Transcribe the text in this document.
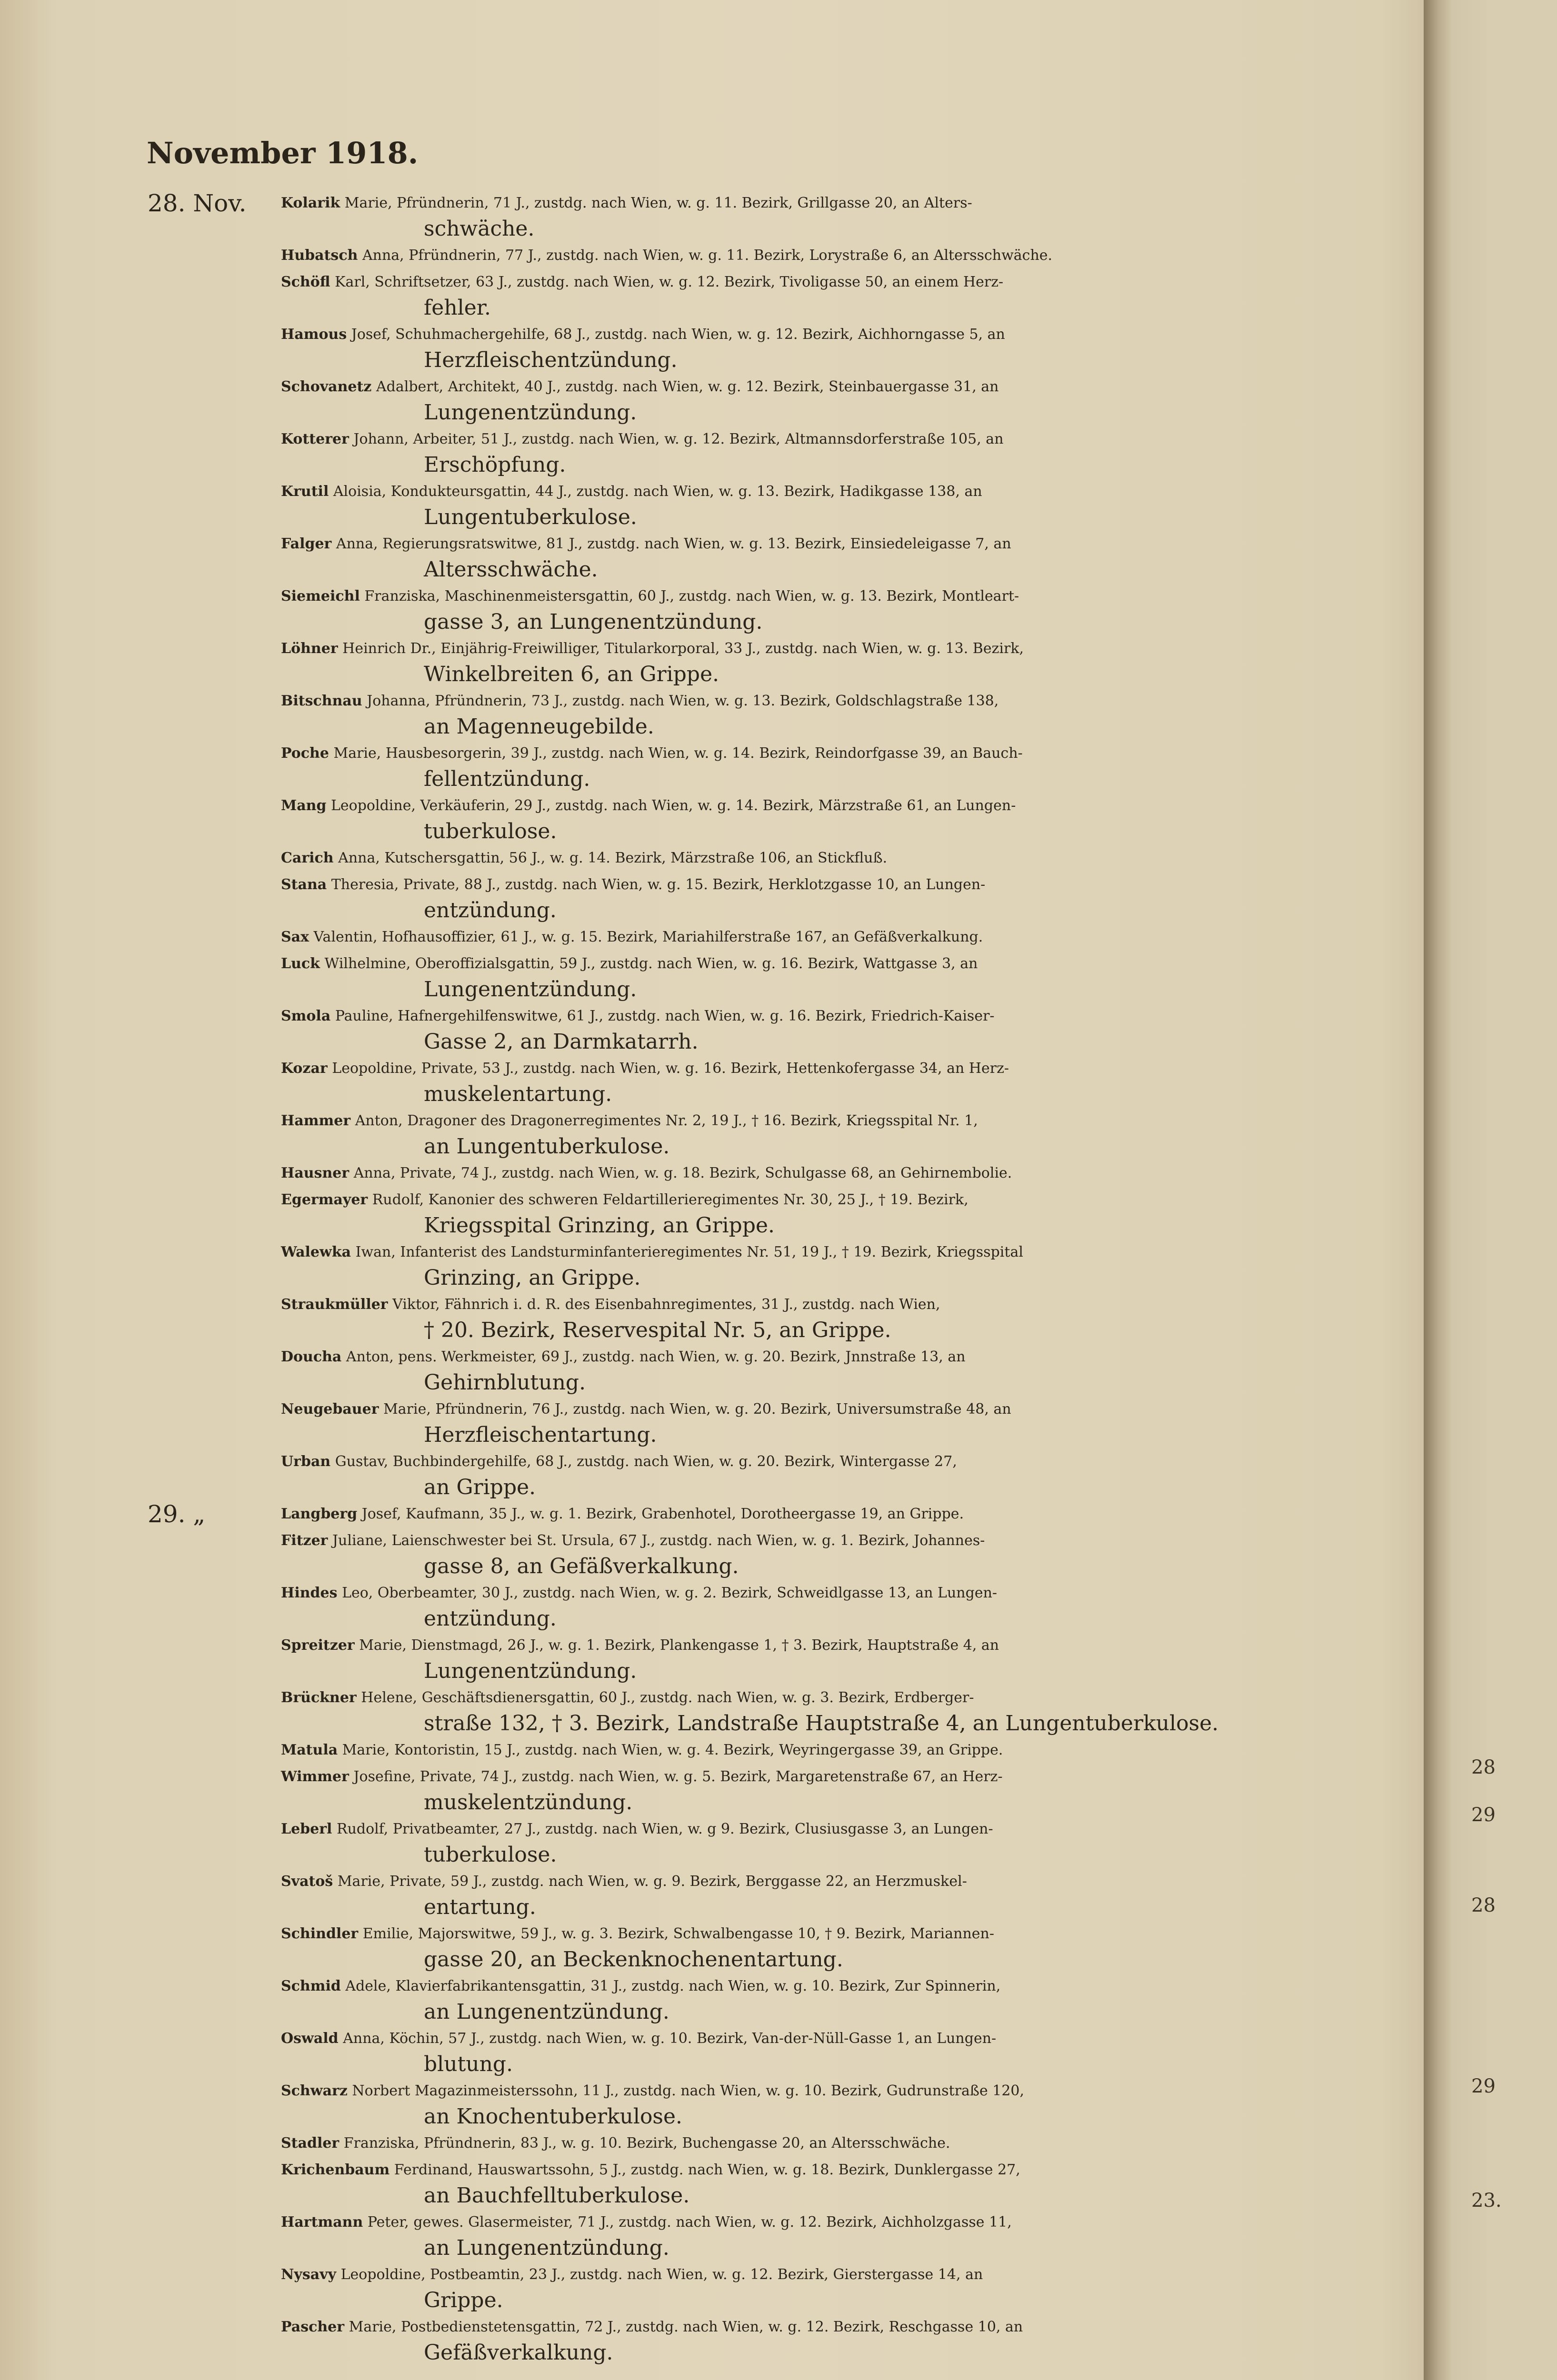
November 1918.
28. Nov. Kolarik Marie, Pfründnerin, 71 J., zustdg. nach Wien, w. g. 11. Bezirk, Grillgasse 20, an Alters-
schwäche.
Hubatsch Anna, Pfründnerin, 77 J., zustdg. nach Wien, w. g. 11. Bezirk, Lorystraße 6, an Altersschwäche.
Schöfl Karl, Schriftsetzer, 63 J., zustdg. nach Wien, w. g. 12. Bezirk, Tivoligasse 50, an einem Herz-
fehler.
Hamous Josef, Schuhmachergehilfe, 68 J., zustdg. nach Wien, w. g. 12. Bezirk, Aichhorngasse 5, an
Herzfleischentzündung.
Schovanetz Adalbert, Architekt, 40 J., zustdg. nach Wien, w. g. 12. Bezirk, Steinbauergasse 31, an
Lungenentzündung.
Kotterer Johann, Arbeiter, 51 J., zustdg. nach Wien, w. g. 12. Bezirk, Altmannsdorferstraße 105, an
Erschöpfung.
Krutil Aloisia, Kondukteursgattin, 44 J., zustdg. nach Wien, w. g. 13. Bezirk, Hadikgasse 138, an
Lungentuberkulose.
Falger Anna, Regierungsratswitwe, 81 J., zustdg. nach Wien, w. g. 13. Bezirk, Einsiedeleigasse 7, an
Altersschwäche.
Siemeichl Franziska, Maschinenmeistersgattin, 60 J., zustdg. nach Wien, w. g. 13. Bezirk, Montleart-
gasse 3, an Lungenentzündung.
Löhner Heinrich Dr., Einjährig-Freiwilliger, Titularkorporal, 33 J., zustdg. nach Wien, w. g. 13. Bezirk,
Winkelbreiten 6, an Grippe.
Bitschnau Johanna, Pfründnerin, 73 J., zustdg. nach Wien, w. g. 13. Bezirk, Goldschlagstraße 138,
an Magenneugebilde.
Poche Marie, Hausbesorgerin, 39 J., zustdg. nach Wien, w. g. 14. Bezirk, Reindorfgasse 39, an Bauch-
fellentzündung.
Mang Leopoldine, Verkäuferin, 29 J., zustdg. nach Wien, w. g. 14. Bezirk, Märzstraße 61, an Lungen-
tuberkulose.
Carich Anna, Kutschersgattin, 56 J., w. g. 14. Bezirk, Märzstraße 106, an Stickfluß.
Stana Theresia, Private, 88 J., zustdg. nach Wien, w. g. 15. Bezirk, Herklotzgasse 10, an Lungen-
entzündung.
Sax Valentin, Hofhausoffizier, 61 J., w. g. 15. Bezirk, Mariahilferstraße 167, an Gefäßverkalkung.
Luck Wilhelmine, Oberoffizialsgattin, 59 J., zustdg. nach Wien, w. g. 16. Bezirk, Wattgasse 3, an
Lungenentzündung.
Smola Pauline, Hafnergehilfenswitwe, 61 J., zustdg. nach Wien, w. g. 16. Bezirk, Friedrich-Kaiser-
Gasse 2, an Darmkatarrh.
Kozar Leopoldine, Private, 53 J., zustdg. nach Wien, w. g. 16. Bezirk, Hettenkofergasse 34, an Herz-
muskelentartung.
Hammer Anton, Dragoner des Dragonerregimentes Nr. 2, 19 J., † 16. Bezirk, Kriegsspital Nr. 1,
an Lungentuberkulose.
Hausner Anna, Private, 74 J., zustdg. nach Wien, w. g. 18. Bezirk, Schulgasse 68, an Gehirnembolie.
Egermayer Rudolf, Kanonier des schweren Feldartillerieregimentes Nr. 30, 25 J., † 19. Bezirk,
Kriegsspital Grinzing, an Grippe.
Walewka Iwan, Infanterist des Landsturminfanterieregimentes Nr. 51, 19 J., † 19. Bezirk, Kriegsspital
Grinzing, an Grippe.
Straukmüller Viktor, Fähnrich i. d. R. des Eisenbahnregimentes, 31 J., zustdg. nach Wien,
† 20. Bezirk, Reservespital Nr. 5, an Grippe.
Doucha Anton, pens. Werkmeister, 69 J., zustdg. nach Wien, w. g. 20. Bezirk, Jnnstraße 13, an
Gehirnblutung.
Neugebauer Marie, Pfründnerin, 76 J., zustdg. nach Wien, w. g. 20. Bezirk, Universumstraße 48, an
Herzfleischentartung.
Urban Gustav, Buchbindergehilfe, 68 J., zustdg. nach Wien, w. g. 20. Bezirk, Wintergasse 27,
an Grippe.
29. „	Langberg Josef, Kaufmann, 35 J., w. g. 1. Bezirk, Grabenhotel, Dorotheergasse 19, an Grippe.
Fitzer Juliane, Laienschwester bei St. Ursula, 67 J., zustdg. nach Wien, w. g. 1. Bezirk, Johannes-
gasse 8, an Gefäßverkalkung.
Hindes Leo, Oberbeamter, 30 J., zustdg. nach Wien, w. g. 2. Bezirk, Schweidlgasse 13, an Lungen-
entzündung.
Spreitzer Marie, Dienstmagd, 26 J., w. g. 1. Bezirk, Plankengasse 1, † 3. Bezirk, Hauptstraße 4, an
Lungenentzündung.
Brückner Helene, Geschäftsdienersgattin, 60 J., zustdg. nach Wien, w. g. 3. Bezirk, Erdberger-
straße 132, † 3. Bezirk, Landstraße Hauptstraße 4, an Lungentuberkulose.
Matula Marie, Kontoristin, 15 J., zustdg. nach Wien, w. g. 4. Bezirk, Weyringergasse 39, an Grippe.
Wimmer Josefine, Private, 74 J., zustdg. nach Wien, w. g. 5. Bezirk, Margaretenstraße 67, an Herz-
muskelentzündung.
Leberl Rudolf, Privatbeamter, 27 J., zustdg. nach Wien, w. g 9. Bezirk, Clusiusgasse 3, an Lungen-
tuberkulose.
Svatoš Marie, Private, 59 J., zustdg. nach Wien, w. g. 9. Bezirk, Berggasse 22, an Herzmuskel-
entartung.
Schindler Emilie, Majorswitwe, 59 J., w. g. 3. Bezirk, Schwalbengasse 10, † 9. Bezirk, Mariannen-
gasse 20, an Beckenknochenentartung.
Schmid Adele, Klavierfabrikantensgattin, 31 J., zustdg. nach Wien, w. g. 10. Bezirk, Zur Spinnerin,
an Lungenentzündung.
Oswald Anna, Köchin, 57 J., zustdg. nach Wien, w. g. 10. Bezirk, Van-der-Nüll-Gasse 1, an Lungen-
blutung.
Schwarz Norbert Magazinmeisterssohn, 11 J., zustdg. nach Wien, w. g. 10. Bezirk, Gudrunstraße 120,
an Knochentuberkulose.
Stadler Franziska, Pfründnerin, 83 J., w. g. 10. Bezirk, Buchengasse 20, an Altersschwäche.
Krichenbaum Ferdinand, Hauswartssohn, 5 J., zustdg. nach Wien, w. g. 18. Bezirk, Dunklergasse 27,
an Bauchfelltuberkulose.
Hartmann Peter, gewes. Glasermeister, 71 J., zustdg. nach Wien, w. g. 12. Bezirk, Aichholzgasse 11,
an Lungenentzündung.
Nysavy Leopoldine, Postbeamtin, 23 J., zustdg. nach Wien, w. g. 12. Bezirk, Gierstergasse 14, an
Grippe.
Pascher Marie, Postbedienstetensgattin, 72 J., zustdg. nach Wien, w. g. 12. Bezirk, Reschgasse 10, an
Gefäßverkalkung.
28
29
28
29
23.
